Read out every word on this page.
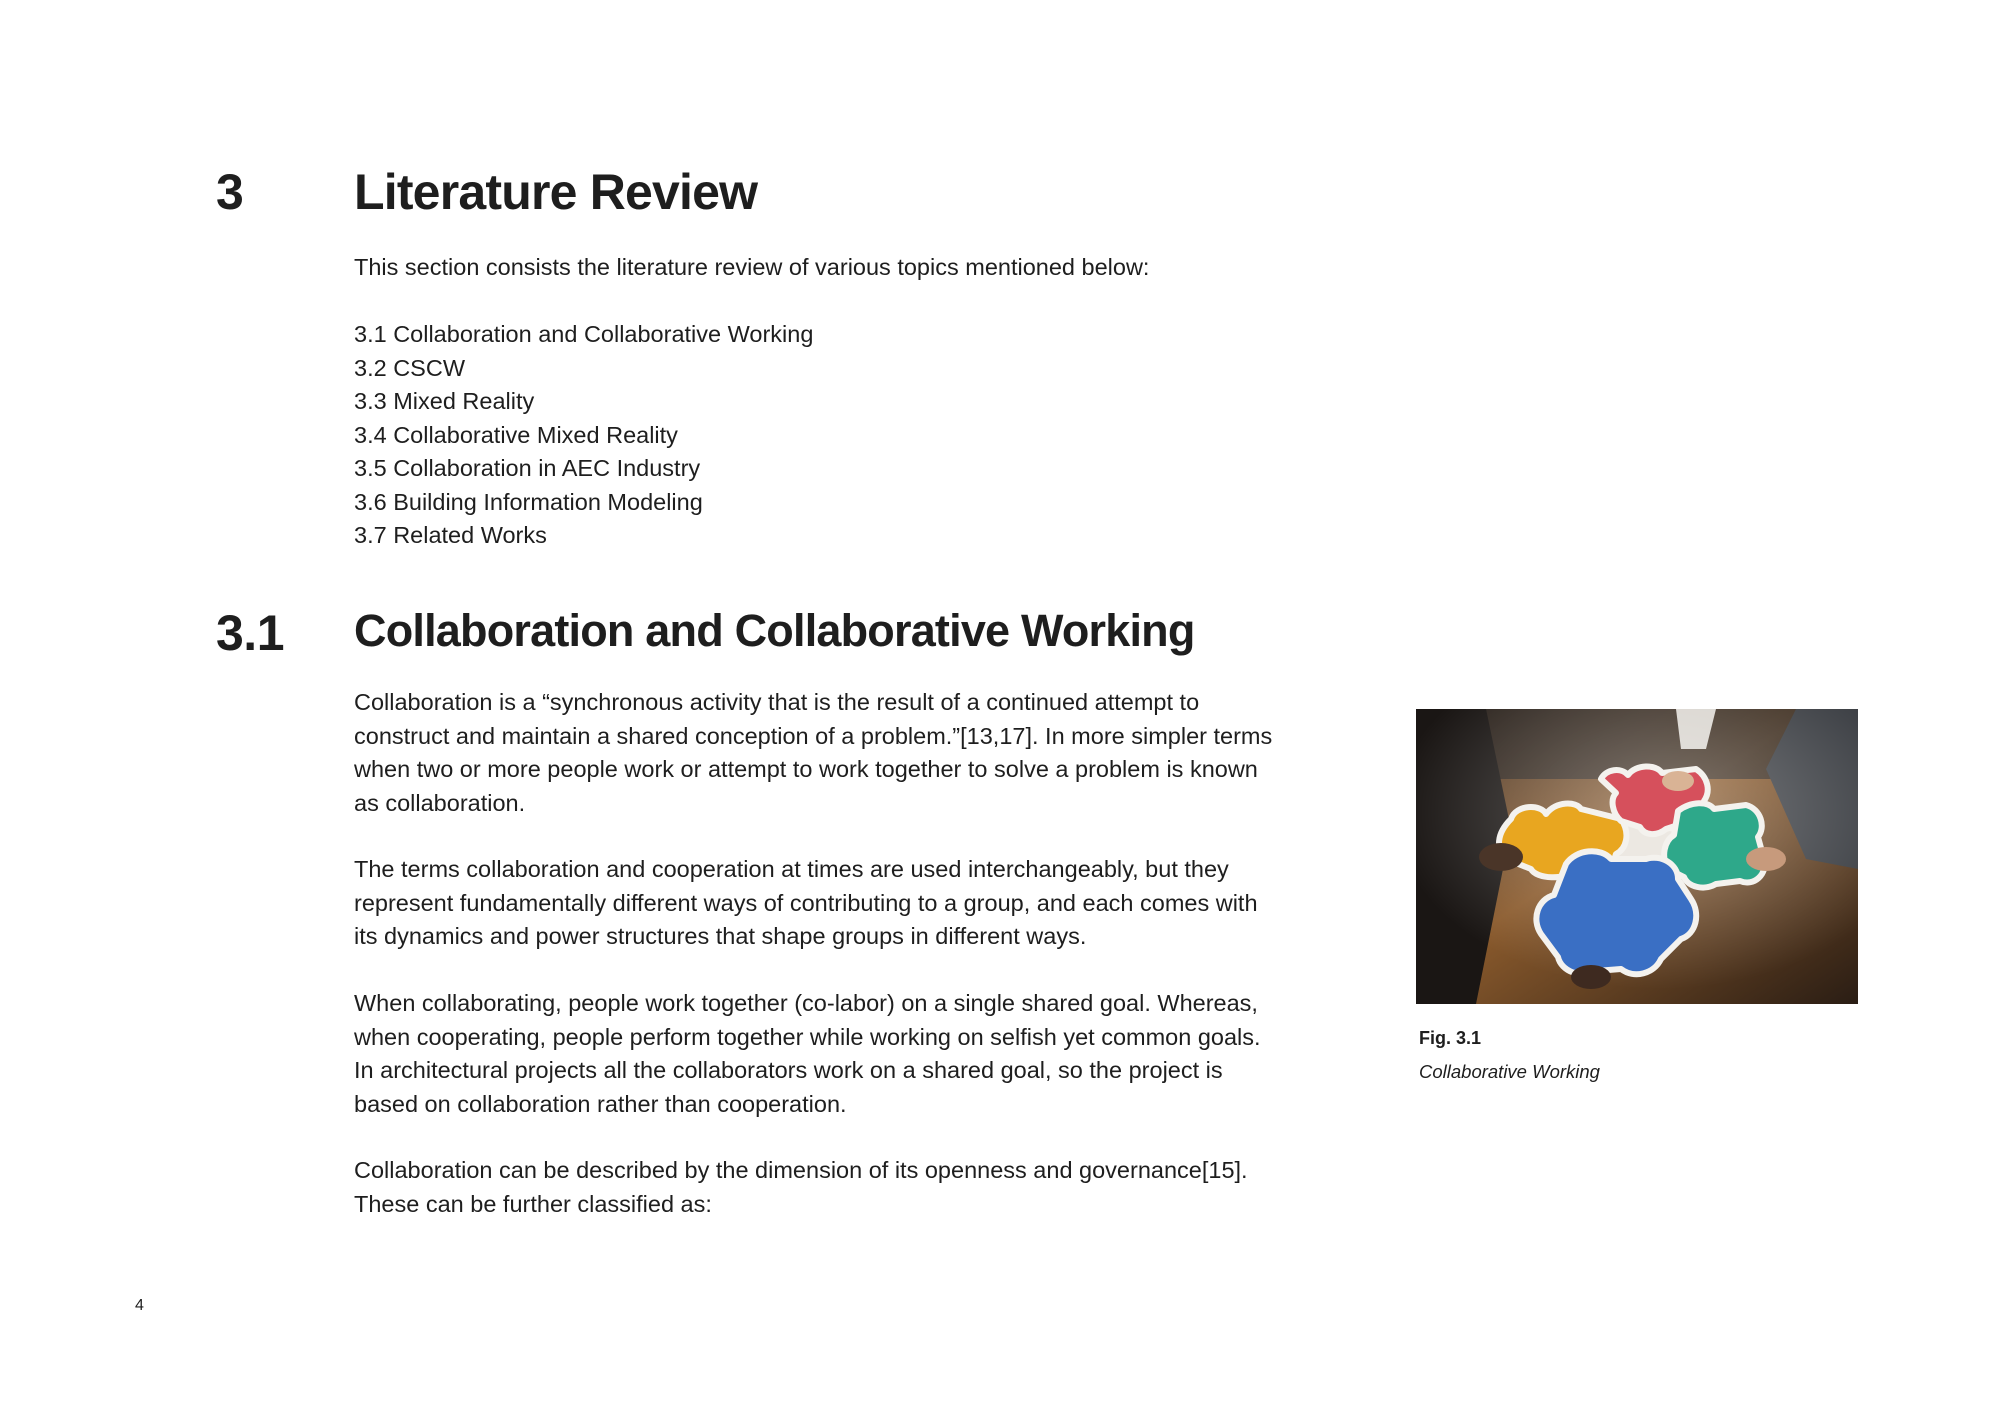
3 Literature Review

This section consists the literature review of various topics mentioned below:

3.1 Collaboration and Collaborative Working
3.2 CSCW
3.3 Mixed Reality
3.4 Collaborative Mixed Reality
3.5 Collaboration in AEC Industry
3.6 Building Information Modeling
3.7 Related Works
3.1 Collaboration and Collaborative Working

Collaboration is a “synchronous activity that is the result of a continued attempt to
construct and maintain a shared conception of a problem.”[13,17]. In more simpler terms
when two or more people work or attempt to work together to solve a problem is known
as collaboration.

The terms collaboration and cooperation at times are used interchangeably, but they
represent fundamentally different ways of contributing to a group, and each comes with
its dynamics and power structures that shape groups in different ways.

When collaborating, people work together (co-labor) on a single shared goal. Whereas,
when cooperating, people perform together while working on selfish yet common goals.
In architectural projects all the collaborators work on a shared goal, so the project is
based on collaboration rather than cooperation.

Collaboration can be described by the dimension of its openness and governance[15].
These can be further classified as:

Fig. 3.1
Collaborative Working
4
